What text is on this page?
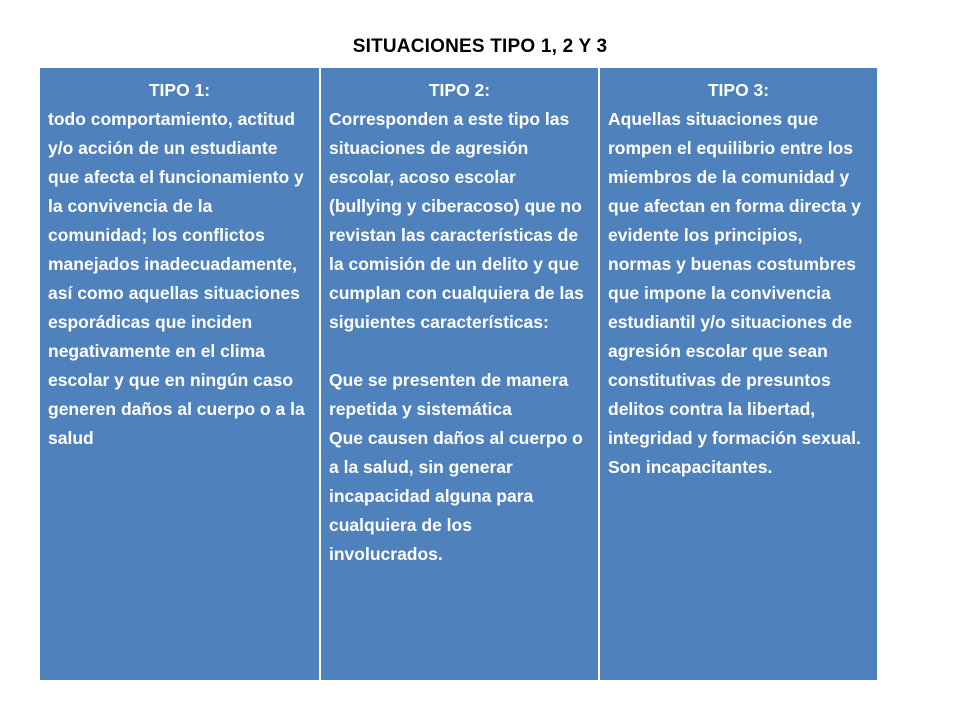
SITUACIONES TIPO 1, 2 Y 3
TIPO 1:
todo comportamiento, actitud y/o acción de un estudiante que afecta el funcionamiento y la convivencia de la comunidad; los conflictos manejados inadecuadamente, así como aquellas situaciones esporádicas que inciden negativamente en el clima escolar y que en ningún caso generen daños al cuerpo o a la salud
TIPO 2:
Corresponden a este tipo las situaciones de agresión escolar, acoso escolar (bullying y ciberacoso) que no revistan las características de la comisión de un delito y que cumplan con cualquiera de las siguientes características:

Que se presenten de manera repetida y sistemática
Que causen daños al cuerpo o a la salud, sin generar incapacidad alguna para cualquiera de los involucrados.
TIPO 3:
Aquellas situaciones que rompen el equilibrio entre los miembros de la comunidad y que afectan en forma directa y evidente los principios, normas y buenas costumbres que impone la convivencia estudiantil y/o situaciones de agresión escolar que sean constitutivas de presuntos delitos contra la libertad, integridad y formación sexual. Son incapacitantes.
